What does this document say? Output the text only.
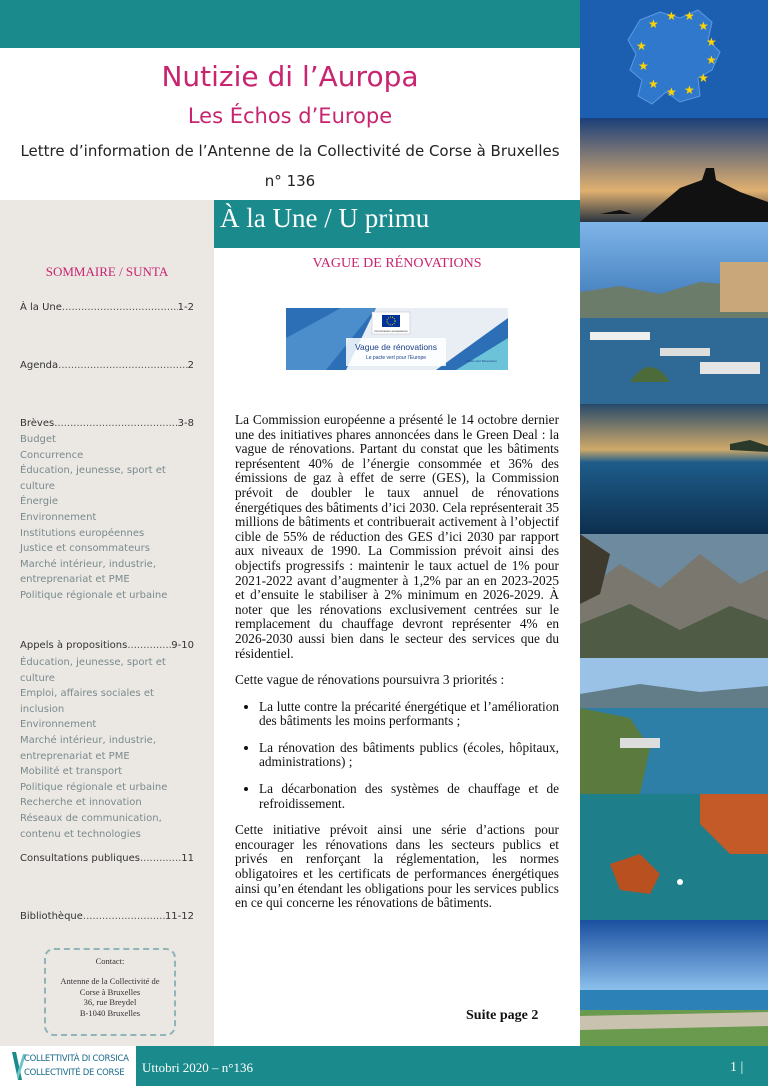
Nutizie di l’Auropa
Les Échos d’Europe
Lettre d’information de l’Antenne de la Collectivité de Corse à Bruxelles
n° 136
SOMMAIRE / SUNTA
À la Une .....	1-2
Agenda .....	2
Brèves .....	3-8
Budget
Concurrence
Éducation, jeunesse, sport et culture
Énergie
Environnement
Institutions européennes
Justice et consommateurs
Marché intérieur, industrie, entreprenariat et PME
Politique régionale et urbaine
Appels à propositions .....	9-10
Éducation, jeunesse, sport et culture
Emploi, affaires sociales et inclusion
Environnement
Marché intérieur, industrie, entreprenariat et PME
Mobilité et transport
Politique régionale et urbaine
Recherche et innovation
Réseaux de communication, contenu et technologies
Consultations publiques .....	11
Bibliothèque .....	11-12
Contact:
Antenne de la Collectivité de
Corse à Bruxelles
36, rue Breydel
B-1040 Bruxelles
À la Une / U primu
VAGUE DE RÉNOVATIONS
Commission européenne
Vague de rénovations
Le pacte vert pour l’Europe	Pacte Vert Rénovation

La Commission européenne a présenté le 14 octobre dernier une des initiatives phares annoncées dans le Green Deal : la vague de rénovations. Partant du constat que les bâtiments représentent 40% de l’énergie consommée et 36% des émissions de gaz à effet de serre (GES), la Commission prévoit de doubler le taux annuel de rénovations énergétiques des bâtiments d’ici 2030. Cela représenterait 35 millions de bâtiments et contribuerait activement à l’objectif cible de 55% de réduction des GES d’ici 2030 par rapport aux niveaux de 1990. La Commission prévoit ainsi des objectifs progressifs : maintenir le taux actuel de 1% pour 2021-2022 avant d’augmenter à 1,2% par an en 2023-2025 et d’ensuite le stabiliser à 2% minimum en 2026-2029. À noter que les rénovations exclusivement centrées sur le remplacement du chauffage devront représenter 4% en 2026-2030 aussi bien dans le secteur des services que du résidentiel.

Cette vague de rénovations poursuivra 3 priorités :

• La lutte contre la précarité énergétique et l’amélioration des bâtiments les moins performants ;
• La rénovation des bâtiments publics (écoles, hôpitaux, administrations) ;
• La décarbonation des systèmes de chauffage et de refroidissement.

Cette initiative prévoit ainsi une série d’actions pour encourager les rénovations dans les secteurs publics et privés en renforçant la réglementation, les normes obligatoires et les certificats de performances énergétiques ainsi qu’en étendant les obligations pour les services publics en ce qui concerne les rénovations de bâtiments.

Suite page 2
★
★ ★
★
★
★
★
★
★
★
★
★
COLLETTIVITÀ DI CORSICA
COLLECTIVITÉ DE CORSE Uttobri 2020 – n°136	1 |
